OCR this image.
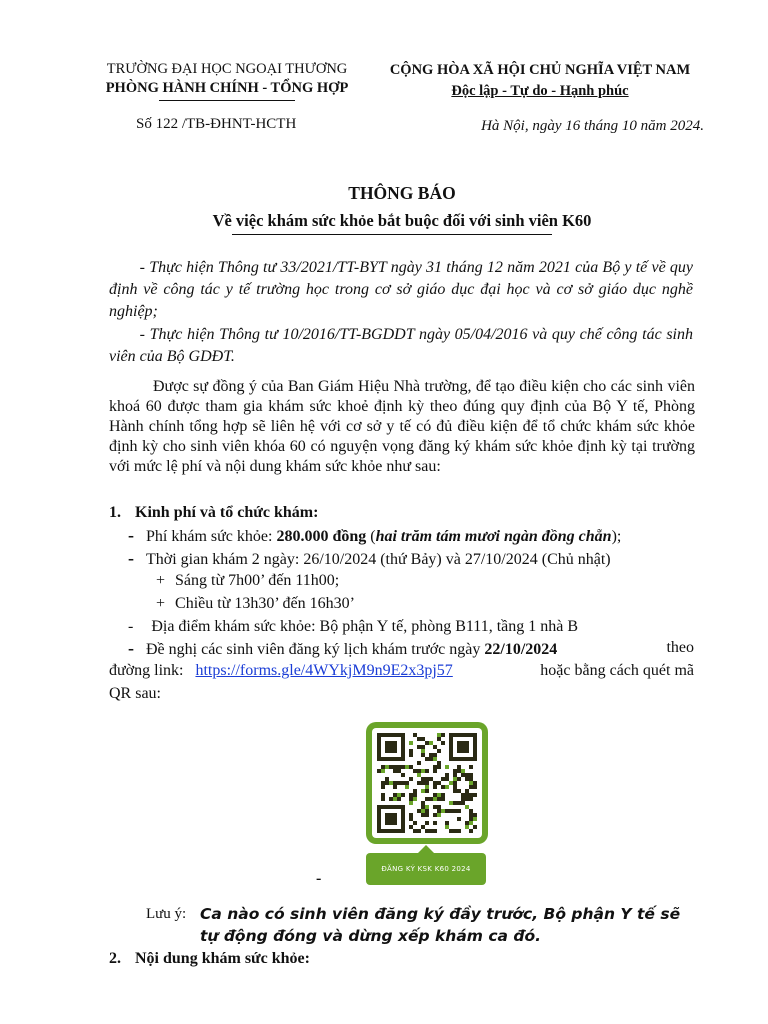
TRƯỜNG ĐẠI HỌC NGOẠI THƯƠNG
PHÒNG HÀNH CHÍNH - TỔNG HỢP
CỘNG HÒA XÃ HỘI CHỦ NGHĨA VIỆT NAM
Độc lập - Tự do - Hạnh phúc
Số 122 /TB-ĐHNT-HCTH	Hà Nội, ngày 16 tháng 10 năm 2024.
THÔNG BÁO
Về việc khám sức khỏe bắt buộc đối với sinh viên K60
- Thực hiện Thông tư 33/2021/TT-BYT ngày 31 tháng 12 năm 2021 của Bộ y tế về quy định về công tác y tế trường học trong cơ sở giáo dục đại học và cơ sở giáo dục nghề nghiệp;
- Thực hiện Thông tư 10/2016/TT-BGDDT ngày 05/04/2016 và quy chế công tác sinh viên của Bộ GDĐT.
Được sự đồng ý của Ban Giám Hiệu Nhà trường, để tạo điều kiện cho các sinh viên khoá 60 được tham gia khám sức khoẻ định kỳ theo đúng quy định của Bộ Y tế, Phòng Hành chính tổng hợp sẽ liên hệ với cơ sở y tế có đủ điều kiện để tổ chức khám sức khỏe định kỳ cho sinh viên khóa 60 có nguyện vọng đăng ký khám sức khỏe định kỳ tại trường với mức lệ phí và nội dung khám sức khỏe như sau:
1. Kinh phí và tổ chức khám:
- Phí khám sức khỏe: 280.000 đồng (hai trăm tám mươi ngàn đồng chẵn);
- Thời gian khám 2 ngày: 26/10/2024 (thứ Bảy) và 27/10/2024 (Chủ nhật)
+ Sáng từ 7h00’ đến 11h00;
+ Chiều từ 13h30’ đến 16h30’
- Địa điểm khám sức khỏe: Bộ phận Y tế, phòng B111, tầng 1 nhà B
- Đề nghị các sinh viên đăng ký lịch khám trước ngày 22/10/2024	theo
đường link: https://forms.gle/4WYkjM9n9E2x3pj57	hoặc bằng cách quét mã
QR sau:
ĐĂNG KÝ KSK K60 2024
-
Lưu ý: Ca nào có sinh viên đăng ký đầy trước, Bộ phận Y tế sẽ tự động đóng và dừng xếp khám ca đó.
2. Nội dung khám sức khỏe:
